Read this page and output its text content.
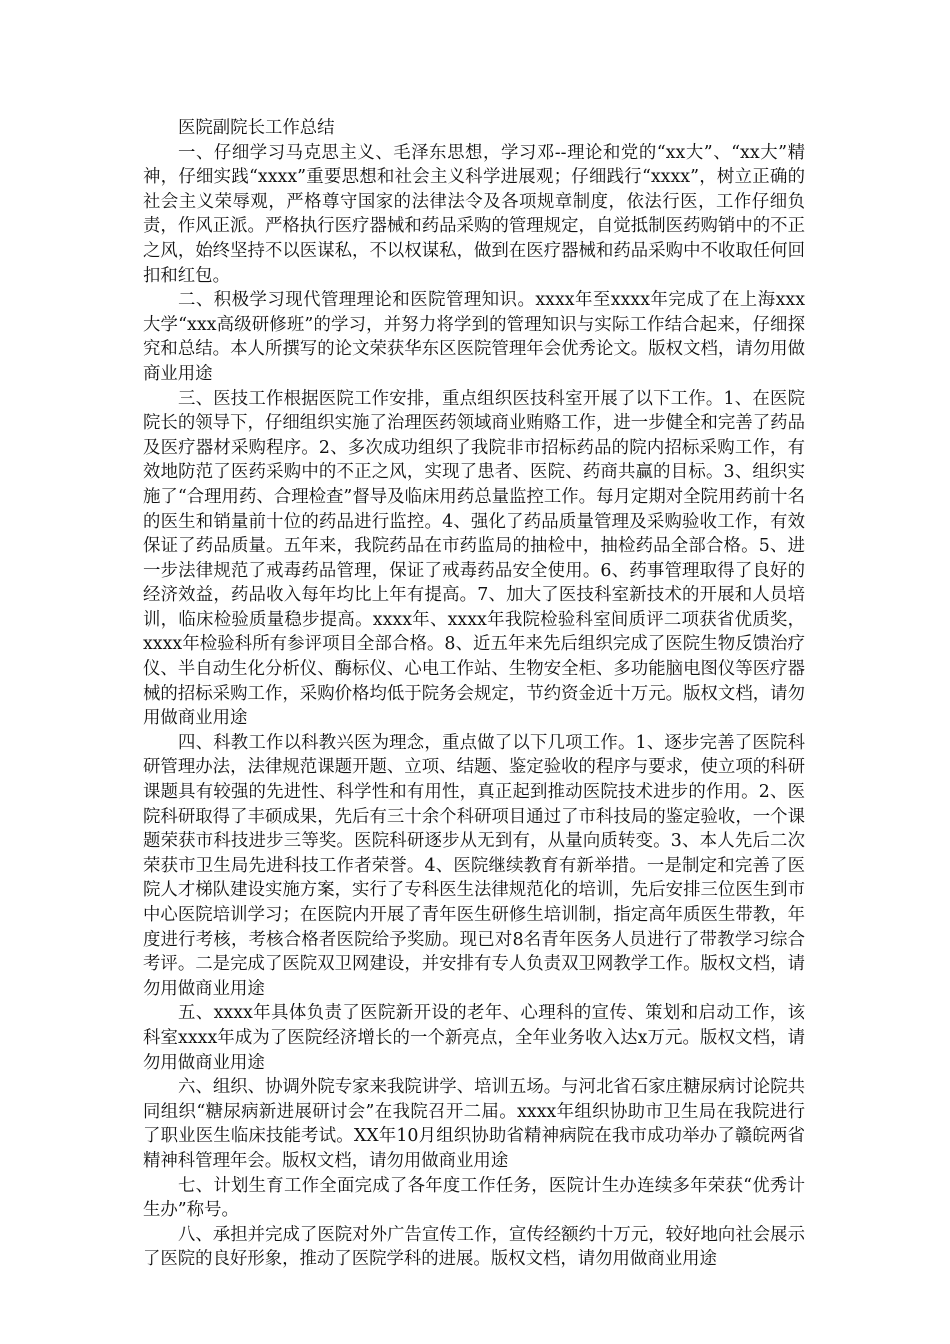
医院副院长工作总结

一、仔细学习马克思主义、毛泽东思想，学习邓--理论和党的“xx大”、“xx大”精神，仔细实践“xxxx”重要思想和社会主义科学进展观；仔细践行“xxxx”，树立正确的社会主义荣辱观，严格尊守国家的法律法令及各项规章制度，依法行医，工作仔细负责，作风正派。严格执行医疗器械和药品采购的管理规定，自觉抵制医药购销中的不正之风，始终坚持不以医谋私，不以权谋私，做到在医疗器械和药品采购中不收取任何回扣和红包。

二、积极学习现代管理理论和医院管理知识。xxxx年至xxxx年完成了在上海xxx大学“xxx高级研修班”的学习，并努力将学到的管理知识与实际工作结合起来，仔细探究和总结。本人所撰写的论文荣获华东区医院管理年会优秀论文。版权文档，请勿用做商业用途

三、医技工作根据医院工作安排，重点组织医技科室开展了以下工作。1、在医院院长的领导下，仔细组织实施了治理医药领域商业贿赂工作，进一步健全和完善了药品及医疗器材采购程序。2、多次成功组织了我院非市招标药品的院内招标采购工作，有效地防范了医药采购中的不正之风，实现了患者、医院、药商共赢的目标。3、组织实施了“合理用药、合理检查”督导及临床用药总量监控工作。每月定期对全院用药前十名的医生和销量前十位的药品进行监控。4、强化了药品质量管理及采购验收工作，有效保证了药品质量。五年来，我院药品在市药监局的抽检中，抽检药品全部合格。5、进一步法律规范了戒毒药品管理，保证了戒毒药品安全使用。6、药事管理取得了良好的经济效益，药品收入每年均比上年有提高。7、加大了医技科室新技术的开展和人员培训，临床检验质量稳步提高。xxxx年、xxxx年我院检验科室间质评二项获省优质奖，xxxx年检验科所有参评项目全部合格。8、近五年来先后组织完成了医院生物反馈治疗仪、半自动生化分析仪、酶标仪、心电工作站、生物安全柜、多功能脑电图仪等医疗器械的招标采购工作，采购价格均低于院务会规定，节约资金近十万元。版权文档，请勿用做商业用途

四、科教工作以科教兴医为理念，重点做了以下几项工作。1、逐步完善了医院科研管理办法，法律规范课题开题、立项、结题、鉴定验收的程序与要求，使立项的科研课题具有较强的先进性、科学性和有用性，真正起到推动医院技术进步的作用。2、医院科研取得了丰硕成果，先后有三十余个科研项目通过了市科技局的鉴定验收，一个课题荣获市科技进步三等奖。医院科研逐步从无到有，从量向质转变。3、本人先后二次荣获市卫生局先进科技工作者荣誉。4、医院继续教育有新举措。一是制定和完善了医院人才梯队建设实施方案，实行了专科医生法律规范化的培训，先后安排三位医生到市中心医院培训学习；在医院内开展了青年医生研修生培训制，指定高年质医生带教，年度进行考核，考核合格者医院给予奖励。现已对8名青年医务人员进行了带教学习综合考评。二是完成了医院双卫网建设，并安排有专人负责双卫网教学工作。版权文档，请勿用做商业用途

五、xxxx年具体负责了医院新开设的老年、心理科的宣传、策划和启动工作，该科室xxxx年成为了医院经济增长的一个新亮点，全年业务收入达x万元。版权文档，请勿用做商业用途

六、组织、协调外院专家来我院讲学、培训五场。与河北省石家庄糖尿病讨论院共同组织“糖尿病新进展研讨会”在我院召开二届。xxxx年组织协助市卫生局在我院进行了职业医生临床技能考试。XX年10月组织协助省精神病院在我市成功举办了赣皖两省精神科管理年会。版权文档，请勿用做商业用途

七、计划生育工作全面完成了各年度工作任务，医院计生办连续多年荣获“优秀计生办”称号。

八、承担并完成了医院对外广告宣传工作，宣传经额约十万元，较好地向社会展示了医院的良好形象，推动了医院学科的进展。版权文档，请勿用做商业用途
